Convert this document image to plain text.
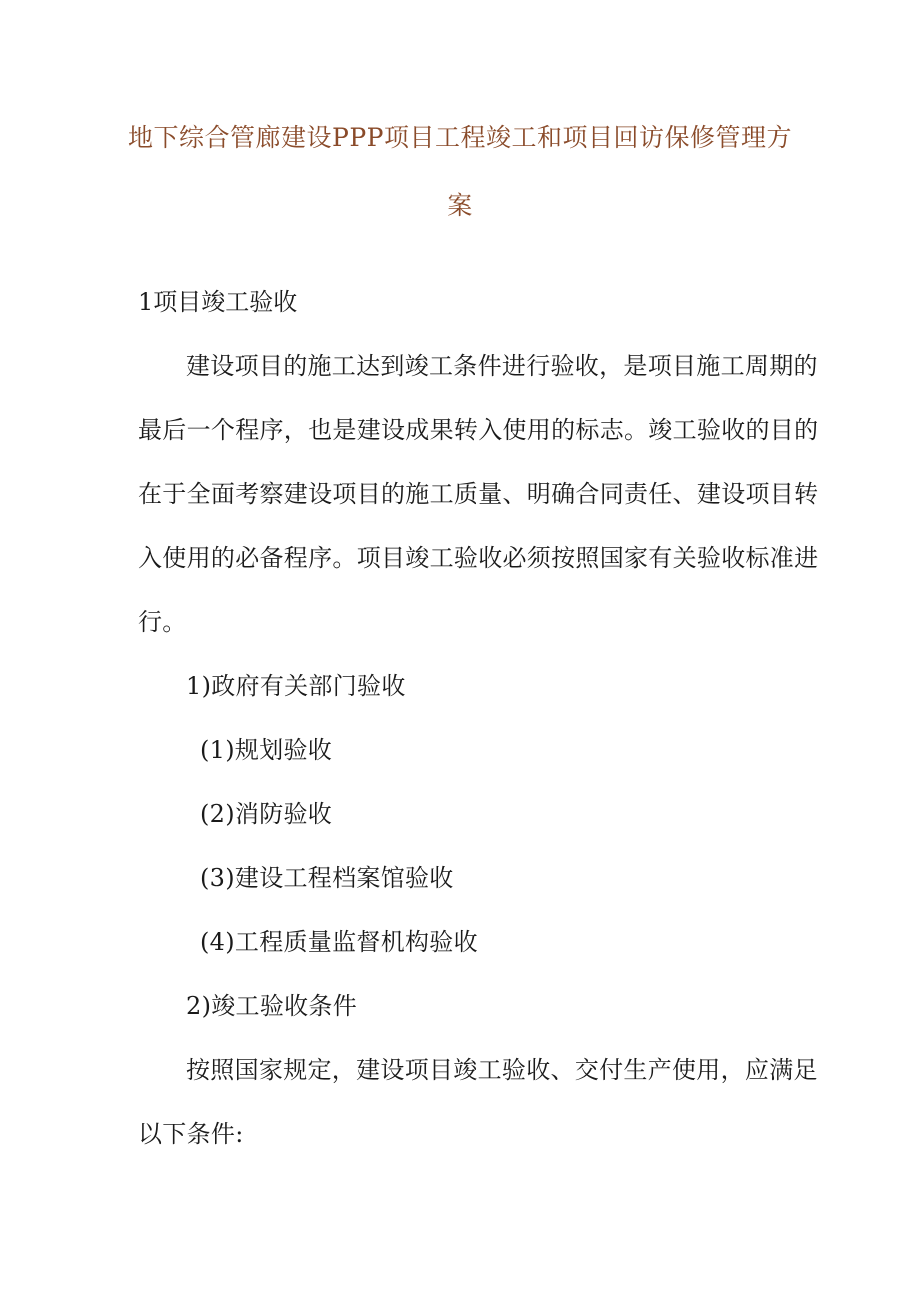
地下综合管廊建设PPP项目工程竣工和项目回访保修管理方
案
1项目竣工验收
建设项目的施工达到竣工条件进行验收，是项目施工周期的
最后一个程序，也是建设成果转入使用的标志。竣工验收的目的
在于全面考察建设项目的施工质量、明确合同责任、建设项目转
入使用的必备程序。项目竣工验收必须按照国家有关验收标准进
行。
1)政府有关部门验收
(1)规划验收
(2)消防验收
(3)建设工程档案馆验收
(4)工程质量监督机构验收
2)竣工验收条件
按照国家规定，建设项目竣工验收、交付生产使用，应满足
以下条件:
